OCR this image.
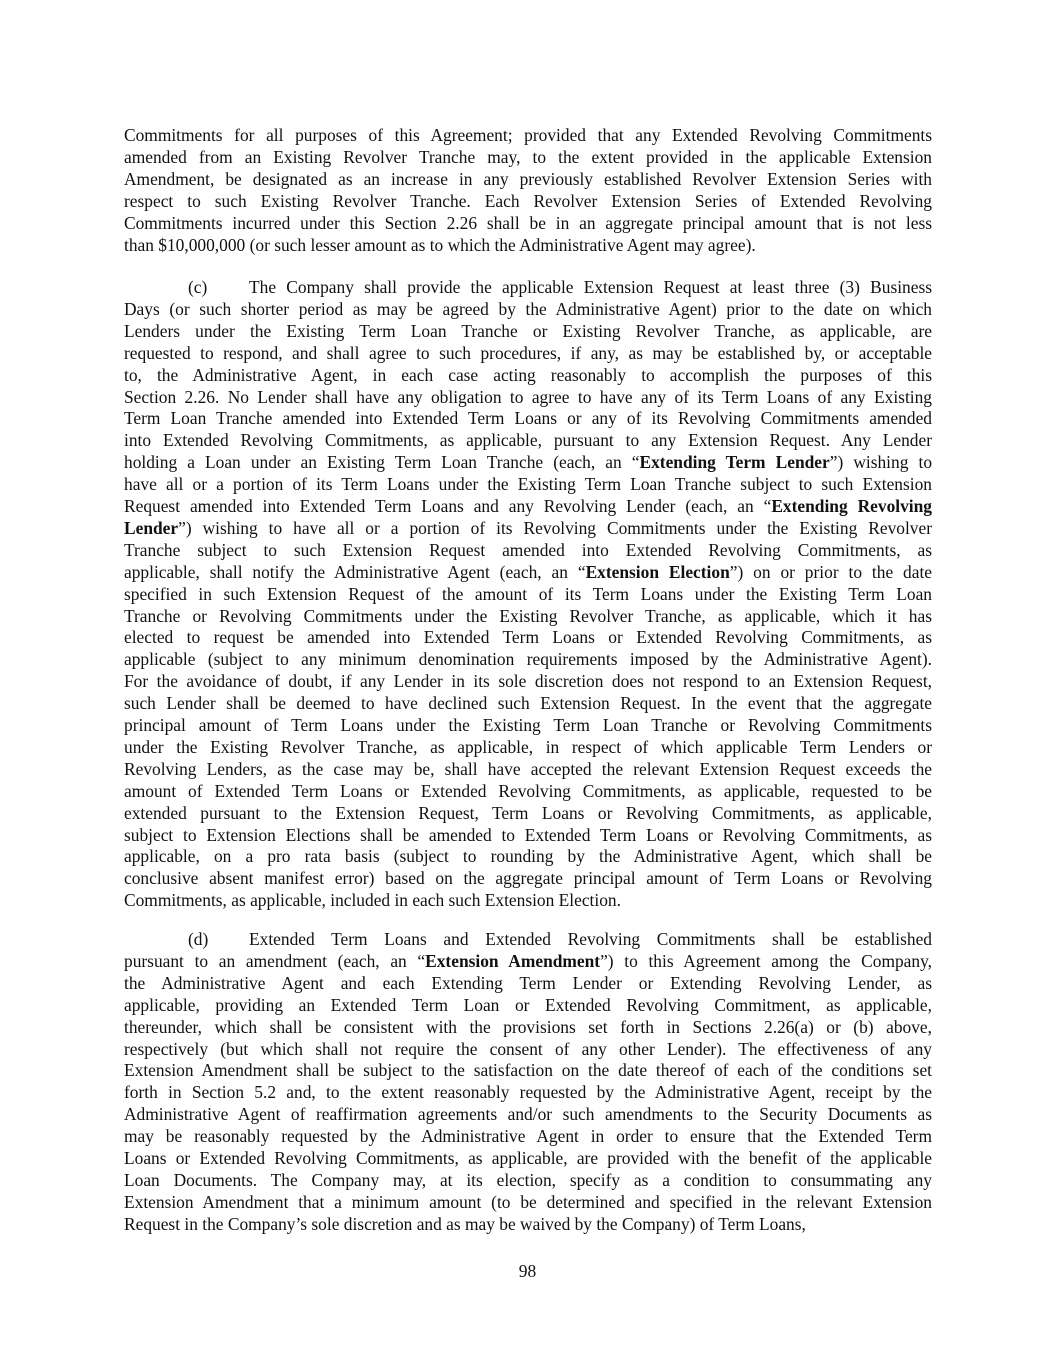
Commitments for all purposes of this Agreement; provided that any Extended Revolving Commitments
amended from an Existing Revolver Tranche may, to the extent provided in the applicable Extension
Amendment, be designated as an increase in any previously established Revolver Extension Series with
respect to such Existing Revolver Tranche. Each Revolver Extension Series of Extended Revolving
Commitments incurred under this Section 2.26 shall be in an aggregate principal amount that is not less
than $10,000,000 (or such lesser amount as to which the Administrative Agent may agree).
(c) The Company shall provide the applicable Extension Request at least three (3) Business
Days (or such shorter period as may be agreed by the Administrative Agent) prior to the date on which
Lenders under the Existing Term Loan Tranche or Existing Revolver Tranche, as applicable, are
requested to respond, and shall agree to such procedures, if any, as may be established by, or acceptable
to, the Administrative Agent, in each case acting reasonably to accomplish the purposes of this
Section 2.26. No Lender shall have any obligation to agree to have any of its Term Loans of any Existing
Term Loan Tranche amended into Extended Term Loans or any of its Revolving Commitments amended
into Extended Revolving Commitments, as applicable, pursuant to any Extension Request. Any Lender
holding a Loan under an Existing Term Loan Tranche (each, an “Extending Term Lender”) wishing to
have all or a portion of its Term Loans under the Existing Term Loan Tranche subject to such Extension
Request amended into Extended Term Loans and any Revolving Lender (each, an “Extending Revolving
Lender”) wishing to have all or a portion of its Revolving Commitments under the Existing Revolver
Tranche subject to such Extension Request amended into Extended Revolving Commitments, as
applicable, shall notify the Administrative Agent (each, an “Extension Election”) on or prior to the date
specified in such Extension Request of the amount of its Term Loans under the Existing Term Loan
Tranche or Revolving Commitments under the Existing Revolver Tranche, as applicable, which it has
elected to request be amended into Extended Term Loans or Extended Revolving Commitments, as
applicable (subject to any minimum denomination requirements imposed by the Administrative Agent).
For the avoidance of doubt, if any Lender in its sole discretion does not respond to an Extension Request,
such Lender shall be deemed to have declined such Extension Request. In the event that the aggregate
principal amount of Term Loans under the Existing Term Loan Tranche or Revolving Commitments
under the Existing Revolver Tranche, as applicable, in respect of which applicable Term Lenders or
Revolving Lenders, as the case may be, shall have accepted the relevant Extension Request exceeds the
amount of Extended Term Loans or Extended Revolving Commitments, as applicable, requested to be
extended pursuant to the Extension Request, Term Loans or Revolving Commitments, as applicable,
subject to Extension Elections shall be amended to Extended Term Loans or Revolving Commitments, as
applicable, on a pro rata basis (subject to rounding by the Administrative Agent, which shall be
conclusive absent manifest error) based on the aggregate principal amount of Term Loans or Revolving
Commitments, as applicable, included in each such Extension Election.
(d) Extended Term Loans and Extended Revolving Commitments shall be established
pursuant to an amendment (each, an “Extension Amendment”) to this Agreement among the Company,
the Administrative Agent and each Extending Term Lender or Extending Revolving Lender, as
applicable, providing an Extended Term Loan or Extended Revolving Commitment, as applicable,
thereunder, which shall be consistent with the provisions set forth in Sections 2.26(a) or (b) above,
respectively (but which shall not require the consent of any other Lender). The effectiveness of any
Extension Amendment shall be subject to the satisfaction on the date thereof of each of the conditions set
forth in Section 5.2 and, to the extent reasonably requested by the Administrative Agent, receipt by the
Administrative Agent of reaffirmation agreements and/or such amendments to the Security Documents as
may be reasonably requested by the Administrative Agent in order to ensure that the Extended Term
Loans or Extended Revolving Commitments, as applicable, are provided with the benefit of the applicable
Loan Documents. The Company may, at its election, specify as a condition to consummating any
Extension Amendment that a minimum amount (to be determined and specified in the relevant Extension
Request in the Company’s sole discretion and as may be waived by the Company) of Term Loans,
98
